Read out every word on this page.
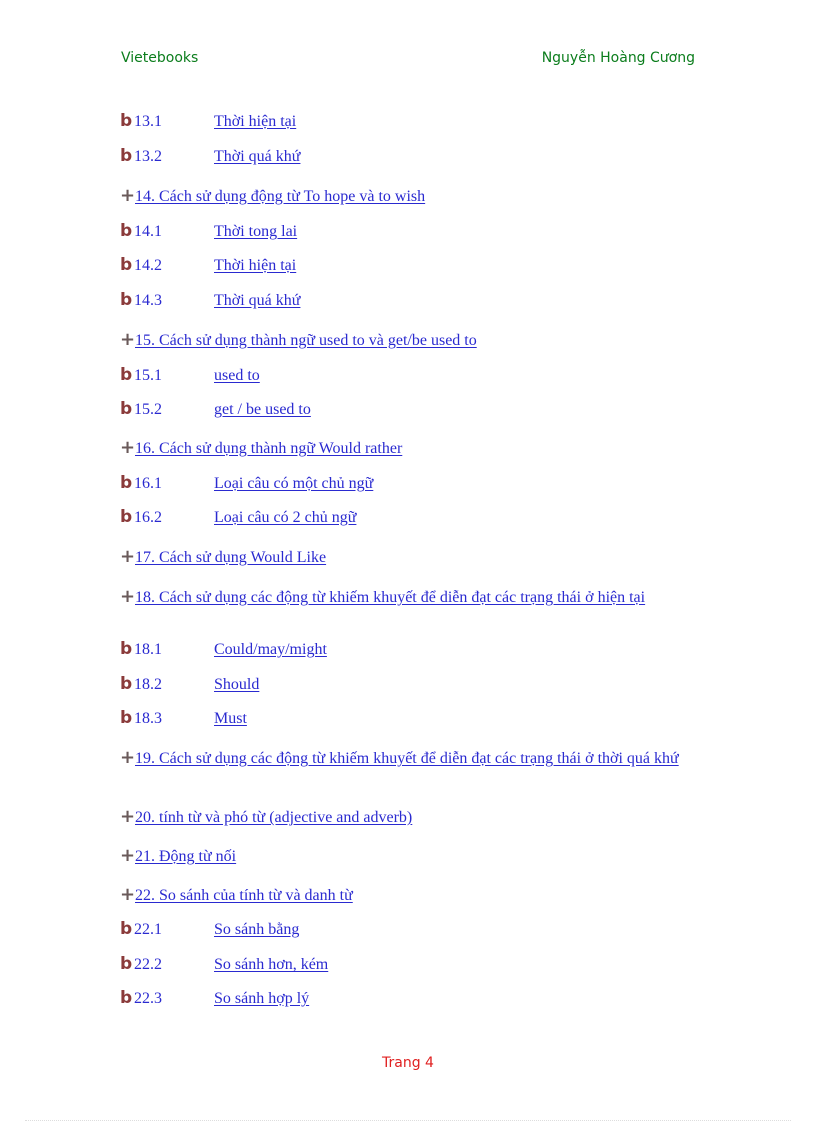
Vietebooks	Nguyễn Hoàng Cương
b 13.1	Thời hiện tại
b 13.2	Thời quá khứ
+14. Cách sử dụng động từ To hope và to wish
b 14.1	Thời tong lai
b 14.2	Thời hiện tại
b 14.3	Thời quá khứ
+15. Cách sử dụng thành ngữ used to và get/be used to
b 15.1	used to
b 15.2	get / be used to
+16. Cách sử dụng thành ngữ Would rather
b 16.1	Loại câu có một chủ ngữ
b 16.2	Loại câu có 2 chủ ngữ
+17. Cách sử dụng Would Like
+18. Cách sử dụng các động từ khiếm khuyết để diễn đạt các trạng thái ở hiện tại
b 18.1	Could/may/might
b 18.2	Should
b 18.3	Must
+19. Cách sử dụng các động từ khiếm khuyết để diễn đạt các trạng thái ở thời quá khứ
+20. tính từ và phó từ (adjective and adverb)
+21. Động từ nối
+22. So sánh của tính từ và danh từ
b 22.1	So sánh bằng
b 22.2	So sánh hơn, kém
b 22.3	So sánh hợp lý
Trang 4
